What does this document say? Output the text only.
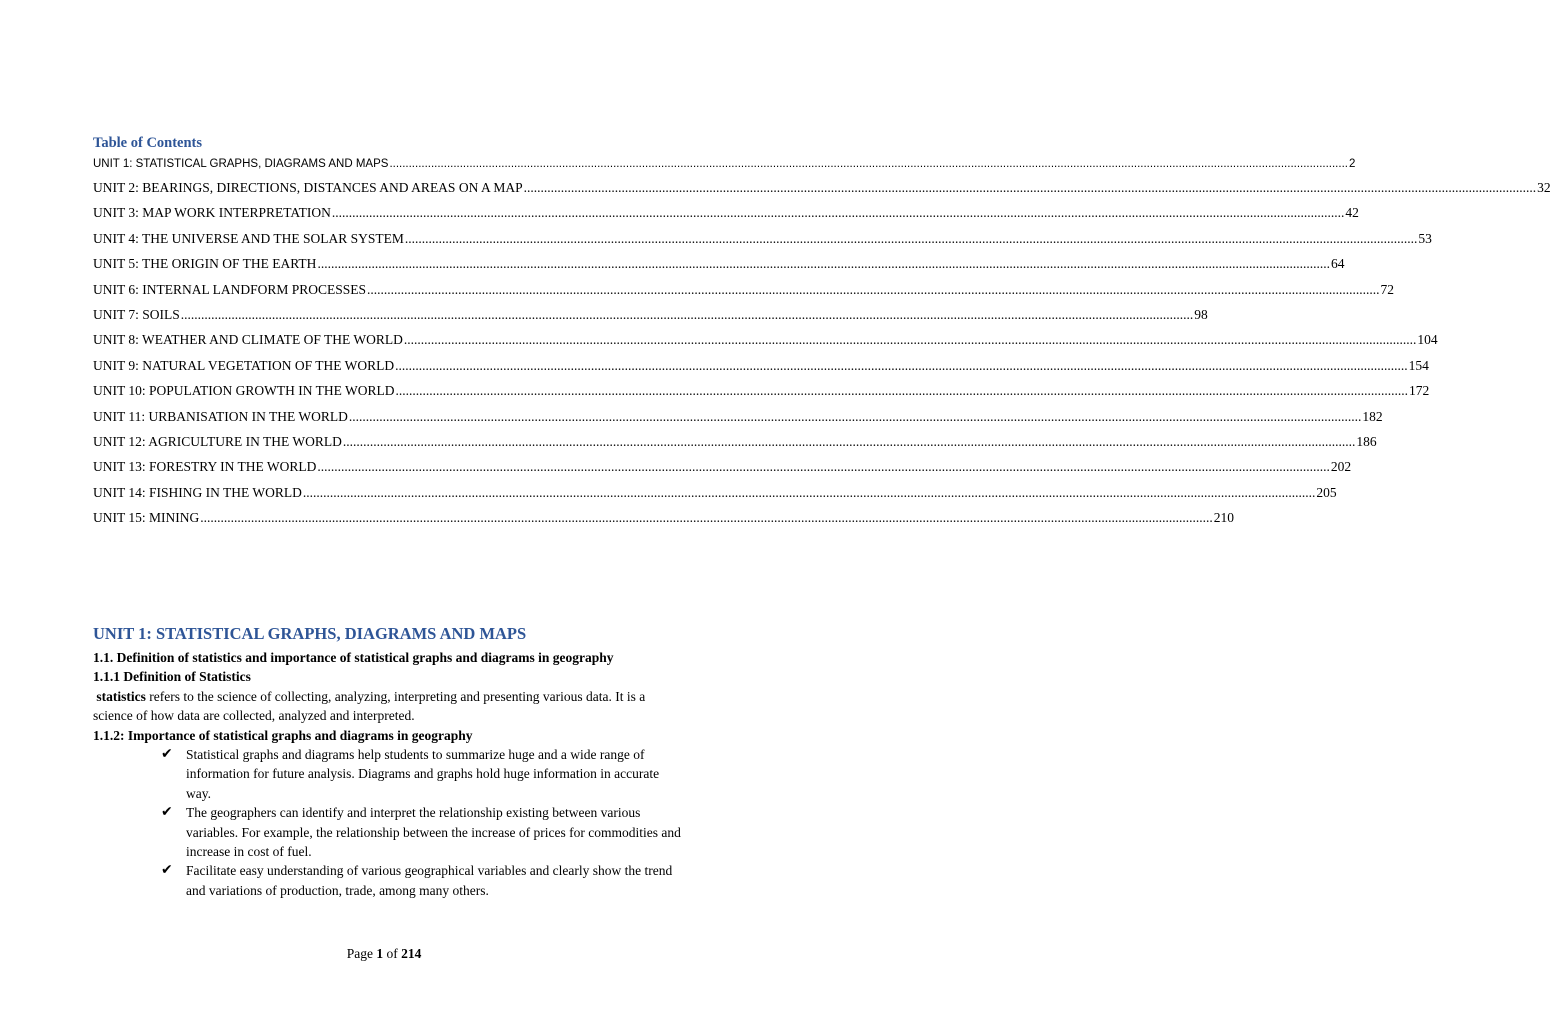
Table of Contents
UNIT 1: STATISTICAL GRAPHS, DIAGRAMS AND MAPS ............................................................................................................................................................................................................................................................................................................ 2
UNIT 2: BEARINGS, DIRECTIONS, DISTANCES AND AREAS ON A MAP ............................................................................................................................................................................................................................................................................................................ 32
UNIT 3: MAP WORK INTERPRETATION ............................................................................................................................................................................................................................................................................................................ 42
UNIT 4: THE UNIVERSE AND THE SOLAR SYSTEM ............................................................................................................................................................................................................................................................................................................ 53
UNIT 5: THE ORIGIN OF THE EARTH ............................................................................................................................................................................................................................................................................................................ 64
UNIT 6: INTERNAL LANDFORM PROCESSES ............................................................................................................................................................................................................................................................................................................ 72
UNIT 7: SOILS ............................................................................................................................................................................................................................................................................................................ 98
UNIT 8: WEATHER AND CLIMATE OF THE WORLD ............................................................................................................................................................................................................................................................................................................ 104
UNIT 9: NATURAL VEGETATION OF THE WORLD ............................................................................................................................................................................................................................................................................................................ 154
UNIT 10: POPULATION GROWTH IN THE WORLD ............................................................................................................................................................................................................................................................................................................ 172
UNIT 11: URBANISATION IN THE WORLD ............................................................................................................................................................................................................................................................................................................ 182
UNIT 12: AGRICULTURE IN THE WORLD ............................................................................................................................................................................................................................................................................................................ 186
UNIT 13: FORESTRY IN THE WORLD ............................................................................................................................................................................................................................................................................................................ 202
UNIT 14: FISHING IN THE WORLD ............................................................................................................................................................................................................................................................................................................ 205
UNIT 15: MINING ............................................................................................................................................................................................................................................................................................................ 210
UNIT 1: STATISTICAL GRAPHS, DIAGRAMS AND MAPS

1.1. Definition of statistics and importance of statistical graphs and diagrams in geography

1.1.1 Definition of Statistics

statistics refers to the science of collecting, analyzing, interpreting and presenting various data. It is a science of how data are collected, analyzed and interpreted.

1.1.2: Importance of statistical graphs and diagrams in geography

✔ Statistical graphs and diagrams help students to summarize huge and a wide range of information for future analysis. Diagrams and graphs hold huge information in accurate way.
✔ The geographers can identify and interpret the relationship existing between various variables. For example, the relationship between the increase of prices for commodities and increase in cost of fuel.
✔ Facilitate easy understanding of various geographical variables and clearly show the trend and variations of production, trade, among many others.
Page 1 of 214
